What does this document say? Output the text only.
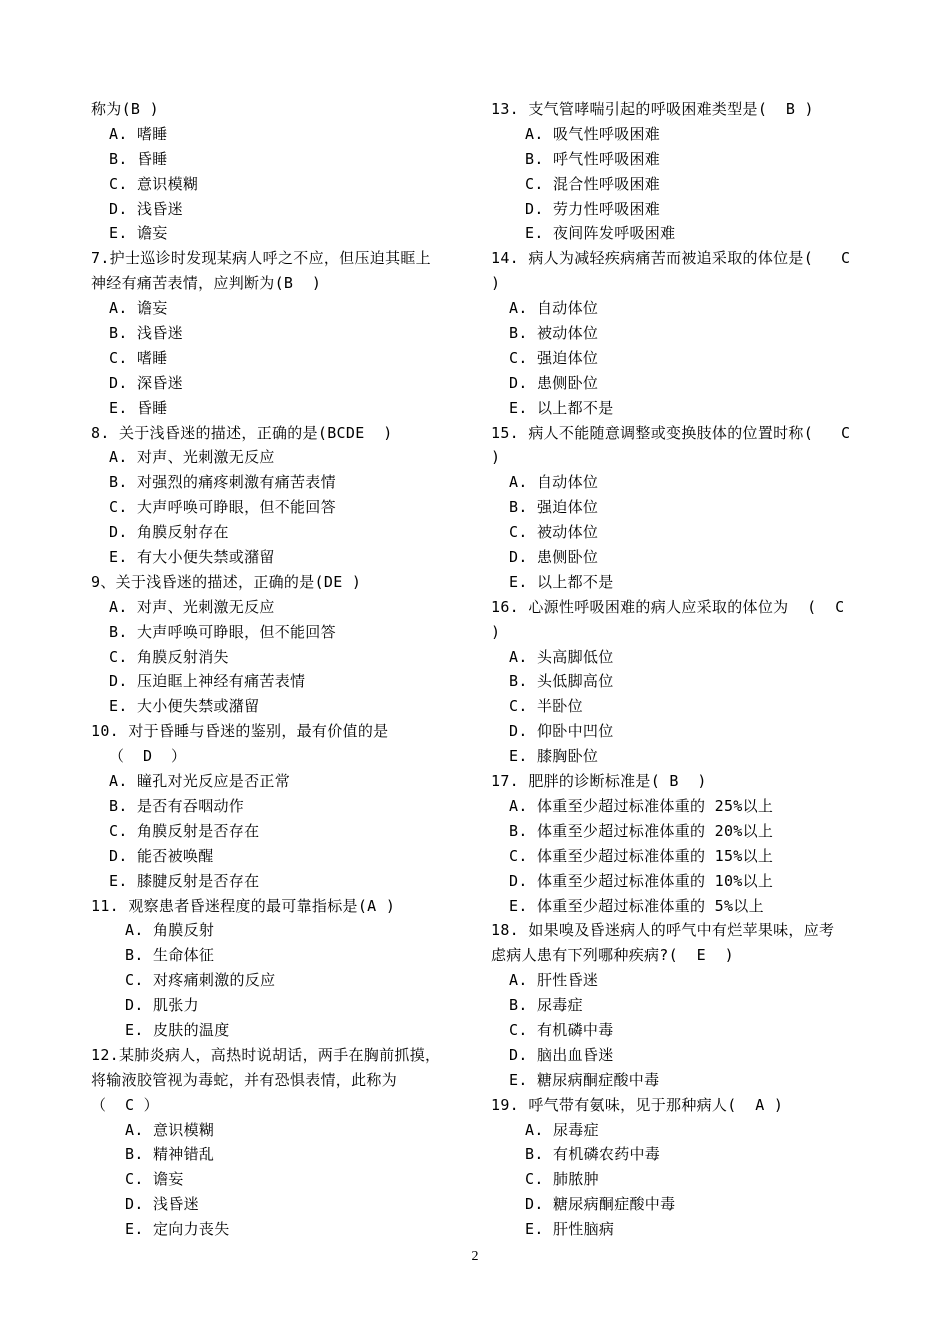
称为(B )
A. 嗜睡
B. 昏睡
C. 意识模糊
D. 浅昏迷
E. 谵妄
7.护士巡诊时发现某病人呼之不应，但压迫其眶上
神经有痛苦表情，应判断为(B  )
A. 谵妄
B. 浅昏迷
C. 嗜睡
D. 深昏迷
E. 昏睡
8. 关于浅昏迷的描述，正确的是(BCDE  )
A. 对声、光刺激无反应
B. 对强烈的痛疼刺激有痛苦表情
C. 大声呼唤可睁眼，但不能回答
D. 角膜反射存在
E. 有大小便失禁或潴留
9、关于浅昏迷的描述，正确的是(DE )
A. 对声、光刺激无反应
B. 大声呼唤可睁眼，但不能回答
C. 角膜反射消失
D. 压迫眶上神经有痛苦表情
E. 大小便失禁或潴留
10. 对于昏睡与昏迷的鉴别，最有价值的是
（  D  ）
A. 瞳孔对光反应是否正常
B. 是否有吞咽动作
C. 角膜反射是否存在
D. 能否被唤醒
E. 膝腱反射是否存在
11. 观察患者昏迷程度的最可靠指标是(A )
A. 角膜反射
B. 生命体征
C. 对疼痛刺激的反应
D. 肌张力
E. 皮肤的温度
12.某肺炎病人，高热时说胡话，两手在胸前抓摸，
将输液胶管视为毒蛇，并有恐惧表情，此称为
（  C ）
A. 意识模糊
B. 精神错乱
C. 谵妄
D. 浅昏迷
E. 定向力丧失
13. 支气管哮喘引起的呼吸困难类型是(  B )
A. 吸气性呼吸困难
B. 呼气性呼吸困难
C. 混合性呼吸困难
D. 劳力性呼吸困难
E. 夜间阵发呼吸困难
14. 病人为减轻疾病痛苦而被追采取的体位是(   C
)
A. 自动体位
B. 被动体位
C. 强迫体位
D. 患侧卧位
E. 以上都不是
15. 病人不能随意调整或变换肢体的位置时称(   C
)
A. 自动体位
B. 强迫体位
C. 被动体位
D. 患侧卧位
E. 以上都不是
16. 心源性呼吸困难的病人应采取的体位为  (  C
)
A. 头高脚低位
B. 头低脚高位
C. 半卧位
D. 仰卧中凹位
E. 膝胸卧位
17. 肥胖的诊断标准是( B  )
A. 体重至少超过标准体重的 25%以上
B. 体重至少超过标准体重的 20%以上
C. 体重至少超过标准体重的 15%以上
D. 体重至少超过标准体重的 10%以上
E. 体重至少超过标准体重的 5%以上
18. 如果嗅及昏迷病人的呼气中有烂苹果味，应考
虑病人患有下列哪种疾病?(  E  )
A. 肝性昏迷
B. 尿毒症
C. 有机磷中毒
D. 脑出血昏迷
E. 糖尿病酮症酸中毒
19. 呼气带有氨味，见于那种病人(  A )
A. 尿毒症
B. 有机磷农药中毒
C. 肺脓肿
D. 糖尿病酮症酸中毒
E. 肝性脑病
2
